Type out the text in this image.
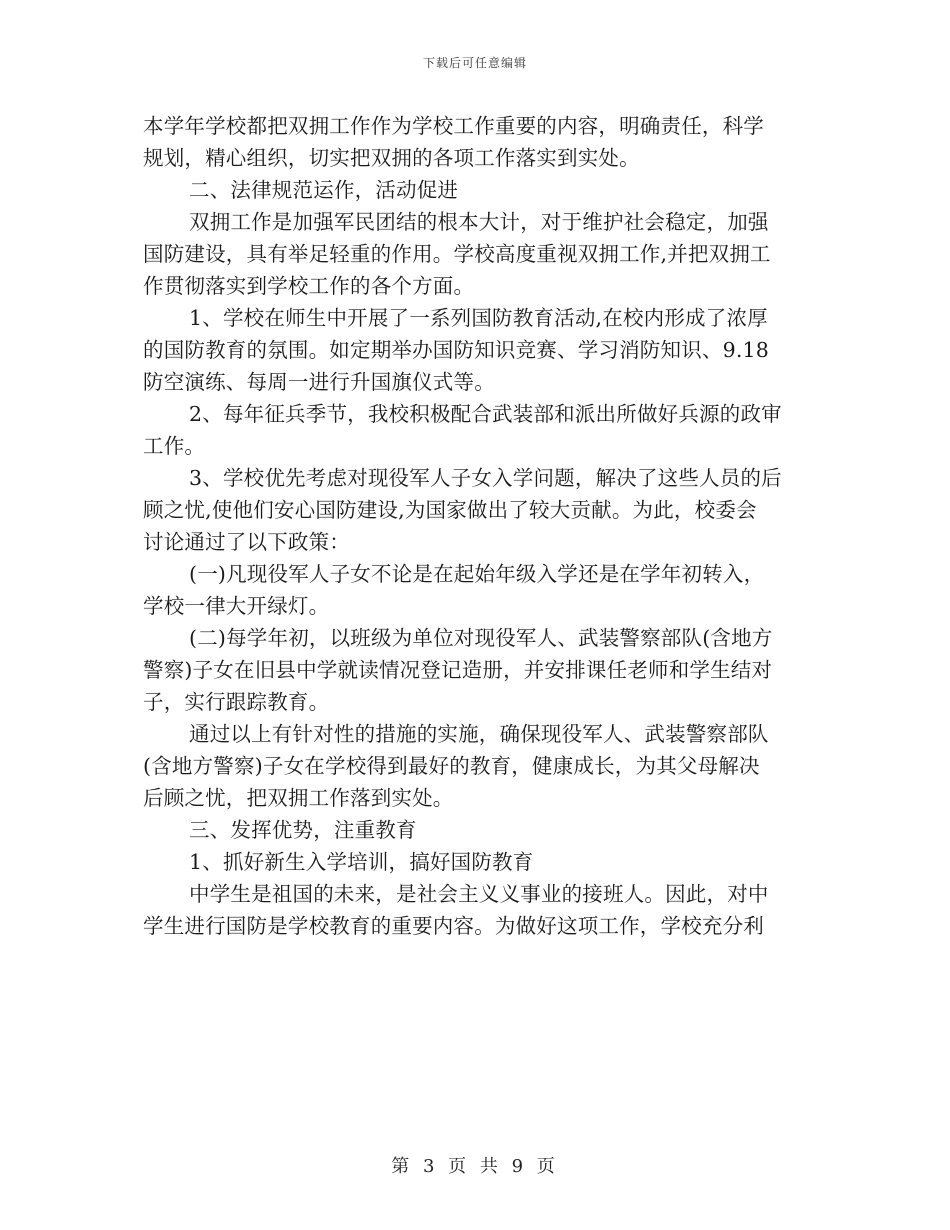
下载后可任意编辑
本学年学校都把双拥工作作为学校工作重要的内容，明确责任，科学
规划，精心组织，切实把双拥的各项工作落实到实处。
二、法律规范运作，活动促进
双拥工作是加强军民团结的根本大计，对于维护社会稳定，加强
国防建设，具有举足轻重的作用。学校高度重视双拥工作,并把双拥工
作贯彻落实到学校工作的各个方面。
1、学校在师生中开展了一系列国防教育活动,在校内形成了浓厚
的国防教育的氛围。如定期举办国防知识竞赛、学习消防知识、9.18
防空演练、每周一进行升国旗仪式等。
2、每年征兵季节，我校积极配合武装部和派出所做好兵源的政审
工作。
3、学校优先考虑对现役军人子女入学问题，解决了这些人员的后
顾之忧,使他们安心国防建设,为国家做出了较大贡献。为此，校委会
讨论通过了以下政策：
(一)凡现役军人子女不论是在起始年级入学还是在学年初转入，
学校一律大开绿灯。
(二)每学年初，以班级为单位对现役军人、武装警察部队(含地方
警察)子女在旧县中学就读情况登记造册，并安排课任老师和学生结对
子，实行跟踪教育。
通过以上有针对性的措施的实施，确保现役军人、武装警察部队
(含地方警察)子女在学校得到最好的教育，健康成长，为其父母解决
后顾之忧，把双拥工作落到实处。
三、发挥优势，注重教育
1、抓好新生入学培训，搞好国防教育
中学生是祖国的未来，是社会主义义事业的接班人。因此，对中
学生进行国防是学校教育的重要内容。为做好这项工作，学校充分利
第 3 页 共 9 页
